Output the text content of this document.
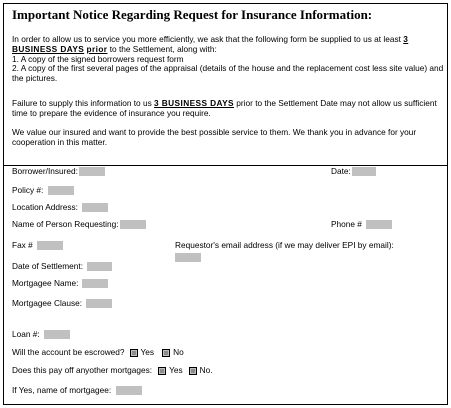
Important Notice Regarding Request for Insurance Information:
In order to allow us to service you more efficiently, we ask that the following form be supplied to us at least 3 BUSINESS DAYS prior to the Settlement, along with:
1. A copy of the signed borrowers request form
2. A copy of the first several pages of the appraisal (details of the house and the replacement cost less site value) and the pictures.
Failure to supply this information to us 3 BUSINESS DAYS prior to the Settlement Date may not allow us sufficient time to prepare the evidence of insurance you require.
We value our insured and want to provide the best possible service to them. We thank you in advance for your cooperation in this matter.
Borrower/Insured:	Date:
Policy #:
Location Address:
Name of Person Requesting:	Phone #
Fax #	Requestor's email address (if we may deliver EPI by email):
Date of Settlement:
Mortgagee Name:
Mortgagee Clause:
Loan #:
Will the account be escrowed? Yes No
Does this pay off anyother mortgages: Yes No.
If Yes, name of mortgagee:
